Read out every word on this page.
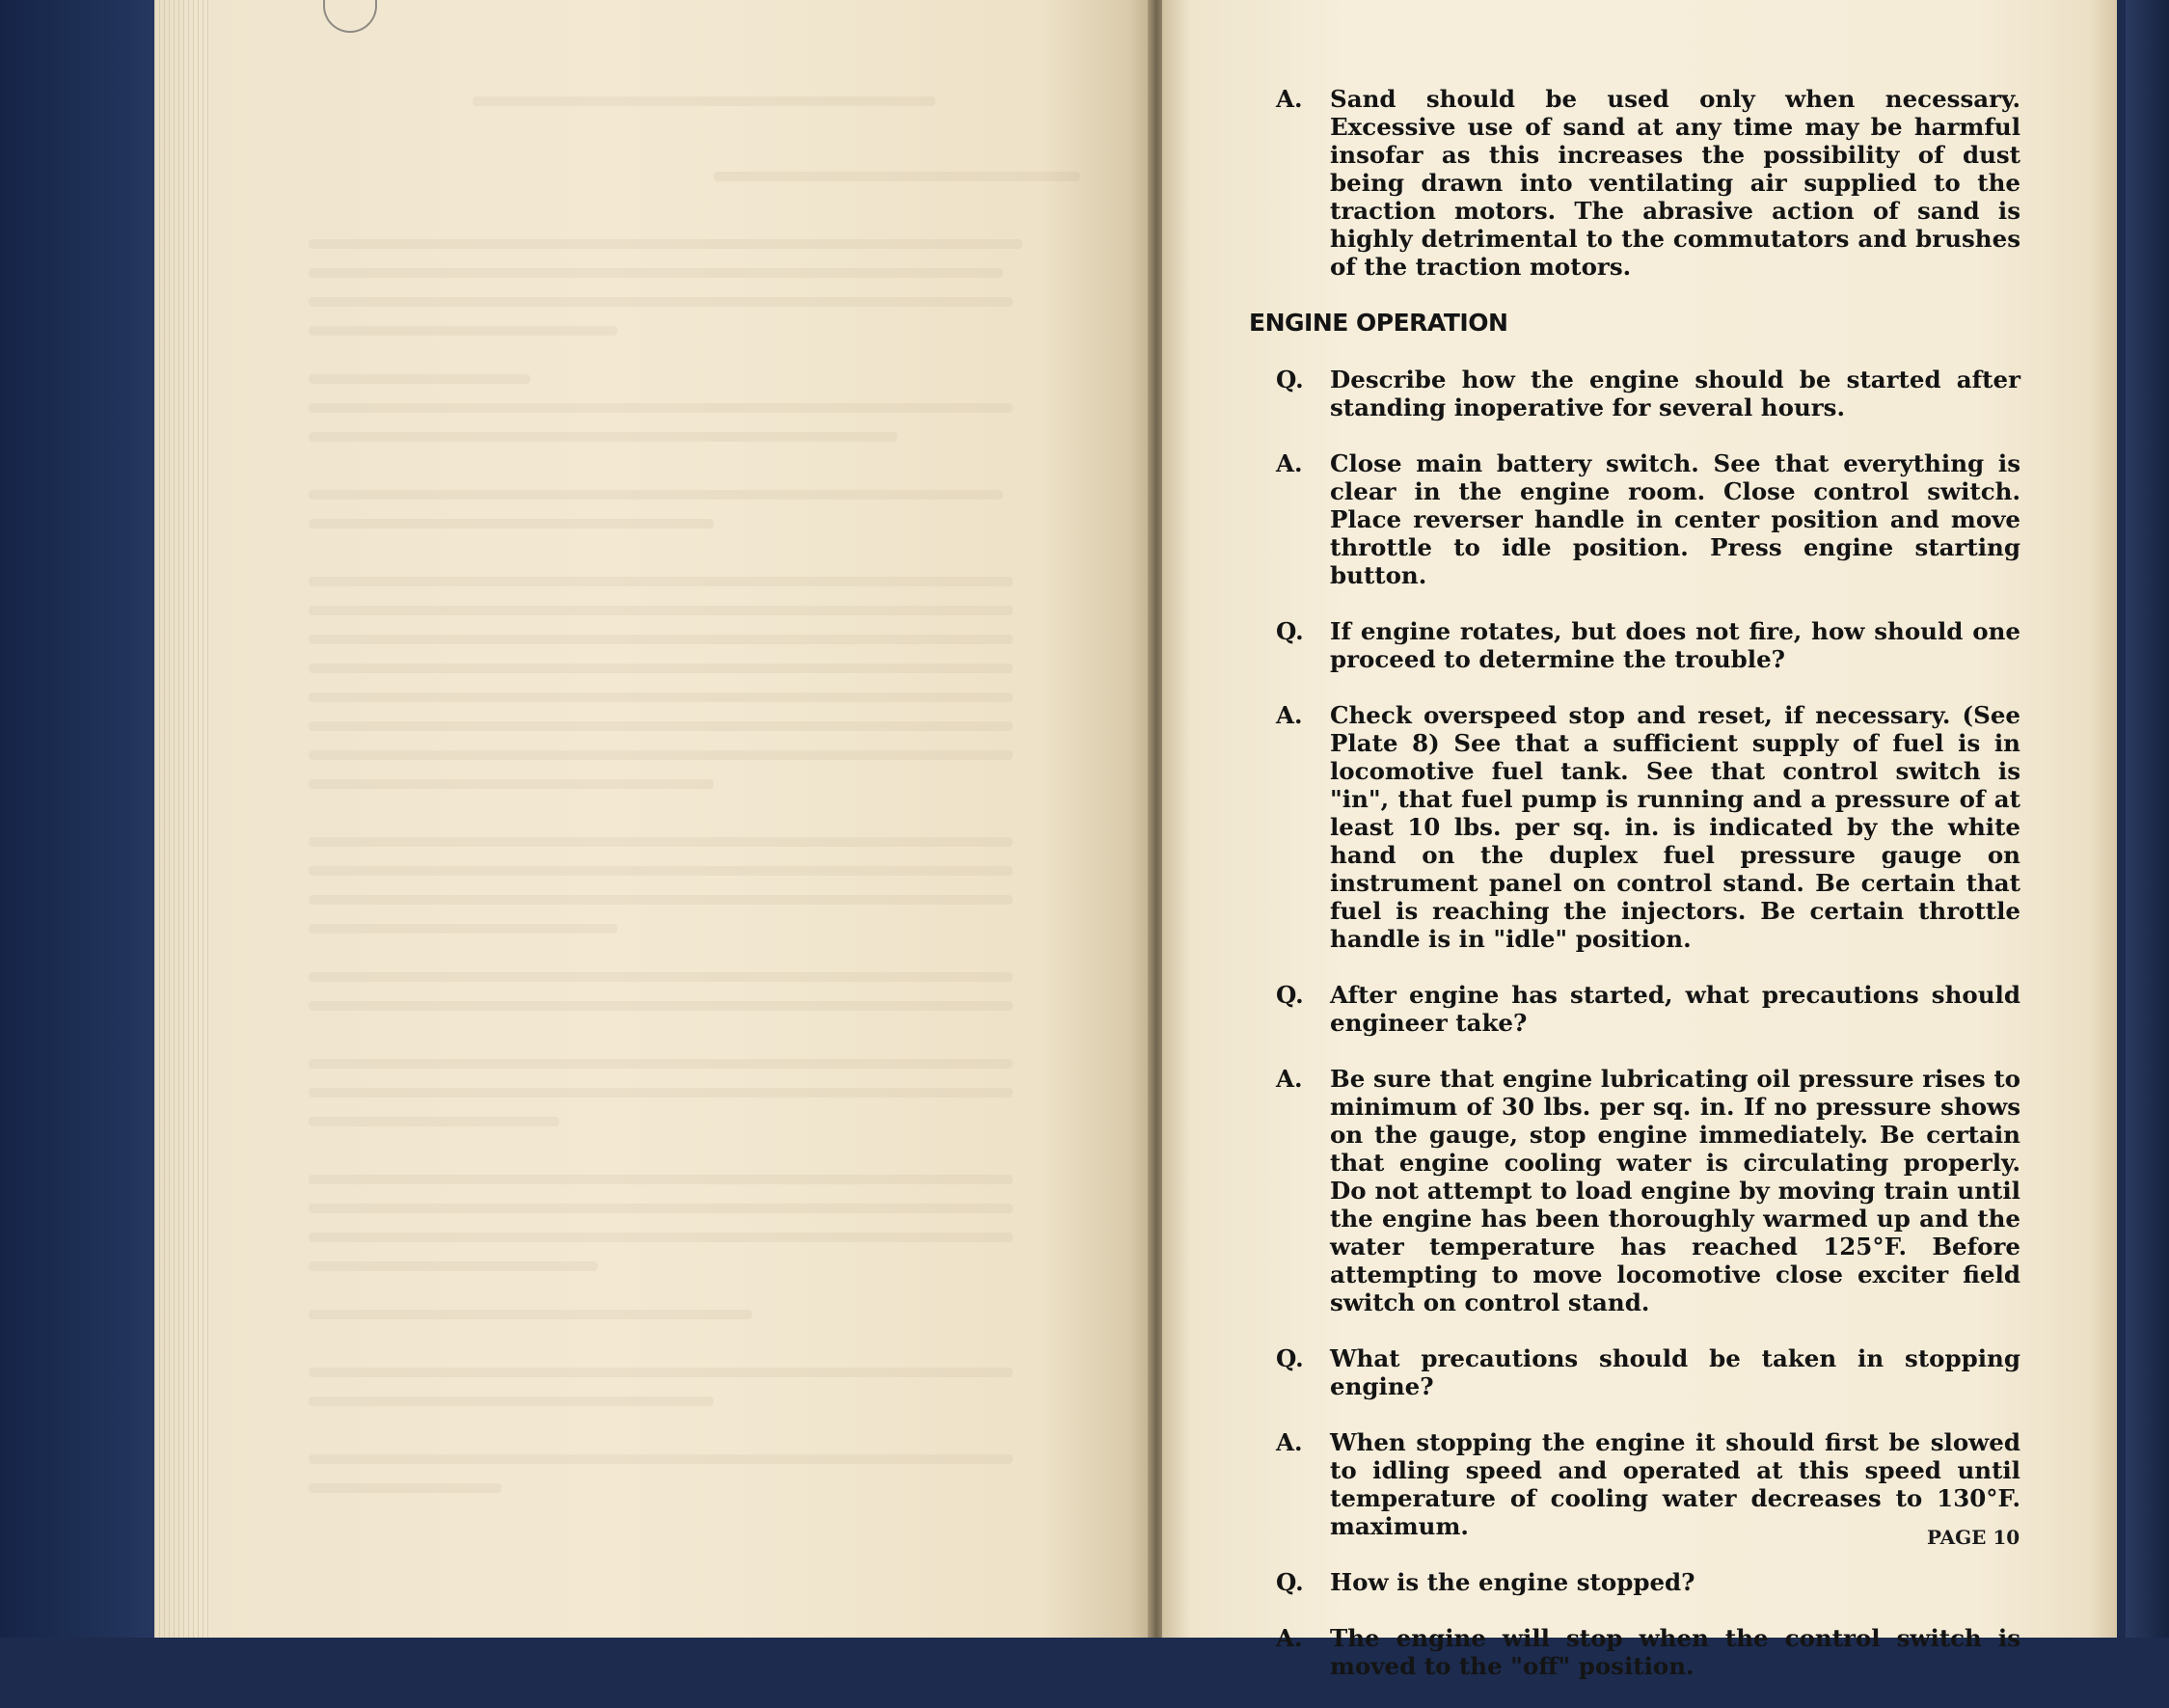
A. Sand should be used only when necessary. Excessive use of sand at any time may be harmful insofar as this increases the possibility of dust being drawn into ventilating air supplied to the traction motors. The abrasive action of sand is highly detrimental to the commutators and brushes of the traction motors.
ENGINE OPERATION
Q. Describe how the engine should be started after standing inoperative for several hours.
A. Close main battery switch. See that everything is clear in the engine room. Close control switch. Place reverser handle in center position and move throttle to idle position. Press engine starting button.
Q. If engine rotates, but does not fire, how should one proceed to determine the trouble?
A. Check overspeed stop and reset, if necessary. (See Plate 8) See that a sufficient supply of fuel is in locomotive fuel tank. See that control switch is "in", that fuel pump is running and a pressure of at least 10 lbs. per sq. in. is indicated by the white hand on the duplex fuel pressure gauge on instrument panel on control stand. Be certain that fuel is reaching the injectors. Be certain throttle handle is in "idle" position.
Q. After engine has started, what precautions should engineer take?
A. Be sure that engine lubricating oil pressure rises to minimum of 30 lbs. per sq. in. If no pressure shows on the gauge, stop engine immediately. Be certain that engine cooling water is circulating properly. Do not attempt to load engine by moving train until the engine has been thoroughly warmed up and the water temperature has reached 125°F. Before attempting to move locomotive close exciter field switch on control stand.
Q. What precautions should be taken in stopping engine?
A. When stopping the engine it should first be slowed to idling speed and operated at this speed until temperature of cooling water decreases to 130°F. maximum.
Q. How is the engine stopped?
A. The engine will stop when the control switch is moved to the "off" position.
PAGE 10
